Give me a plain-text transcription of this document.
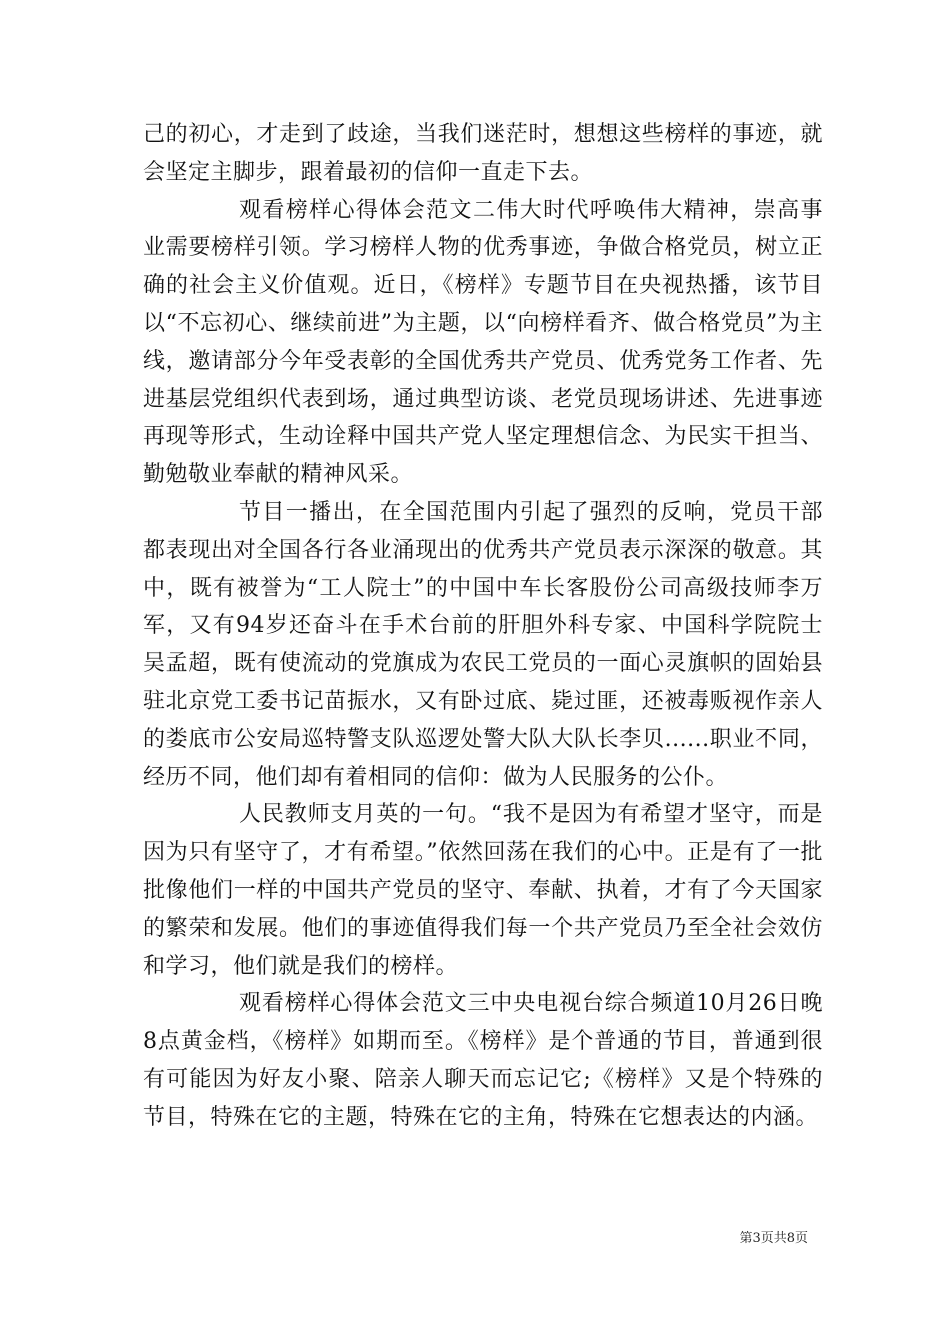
己的初心，才走到了歧途，当我们迷茫时，想想这些榜样的事迹，就会坚定主脚步，跟着最初的信仰一直走下去。

观看榜样心得体会范文二伟大时代呼唤伟大精神，崇高事业需要榜样引领。学习榜样人物的优秀事迹，争做合格党员，树立正确的社会主义价值观。近日，《榜样》专题节目在央视热播，该节目以“不忘初心、继续前进”为主题，以“向榜样看齐、做合格党员”为主线，邀请部分今年受表彰的全国优秀共产党员、优秀党务工作者、先进基层党组织代表到场，通过典型访谈、老党员现场讲述、先进事迹再现等形式，生动诠释中国共产党人坚定理想信念、为民实干担当、勤勉敬业奉献的精神风采。

节目一播出，在全国范围内引起了强烈的反响，党员干部都表现出对全国各行各业涌现出的优秀共产党员表示深深的敬意。其中，既有被誉为“工人院士”的中国中车长客股份公司高级技师李万军，又有94岁还奋斗在手术台前的肝胆外科专家、中国科学院院士吴孟超，既有使流动的党旗成为农民工党员的一面心灵旗帜的固始县驻北京党工委书记苗振水，又有卧过底、毙过匪，还被毒贩视作亲人的娄底市公安局巡特警支队巡逻处警大队大队长李贝......职业不同，经历不同，他们却有着相同的信仰：做为人民服务的公仆。

人民教师支月英的一句。“我不是因为有希望才坚守，而是因为只有坚守了，才有希望。”依然回荡在我们的心中。正是有了一批批像他们一样的中国共产党员的坚守、奉献、执着，才有了今天国家的繁荣和发展。他们的事迹值得我们每一个共产党员乃至全社会效仿和学习，他们就是我们的榜样。

观看榜样心得体会范文三中央电视台综合频道10月26日晚8点黄金档，《榜样》如期而至。《榜样》是个普通的节目，普通到很有可能因为好友小聚、陪亲人聊天而忘记它;《榜样》又是个特殊的节目，特殊在它的主题，特殊在它的主角，特殊在它想表达的内涵。

第3页共8页
